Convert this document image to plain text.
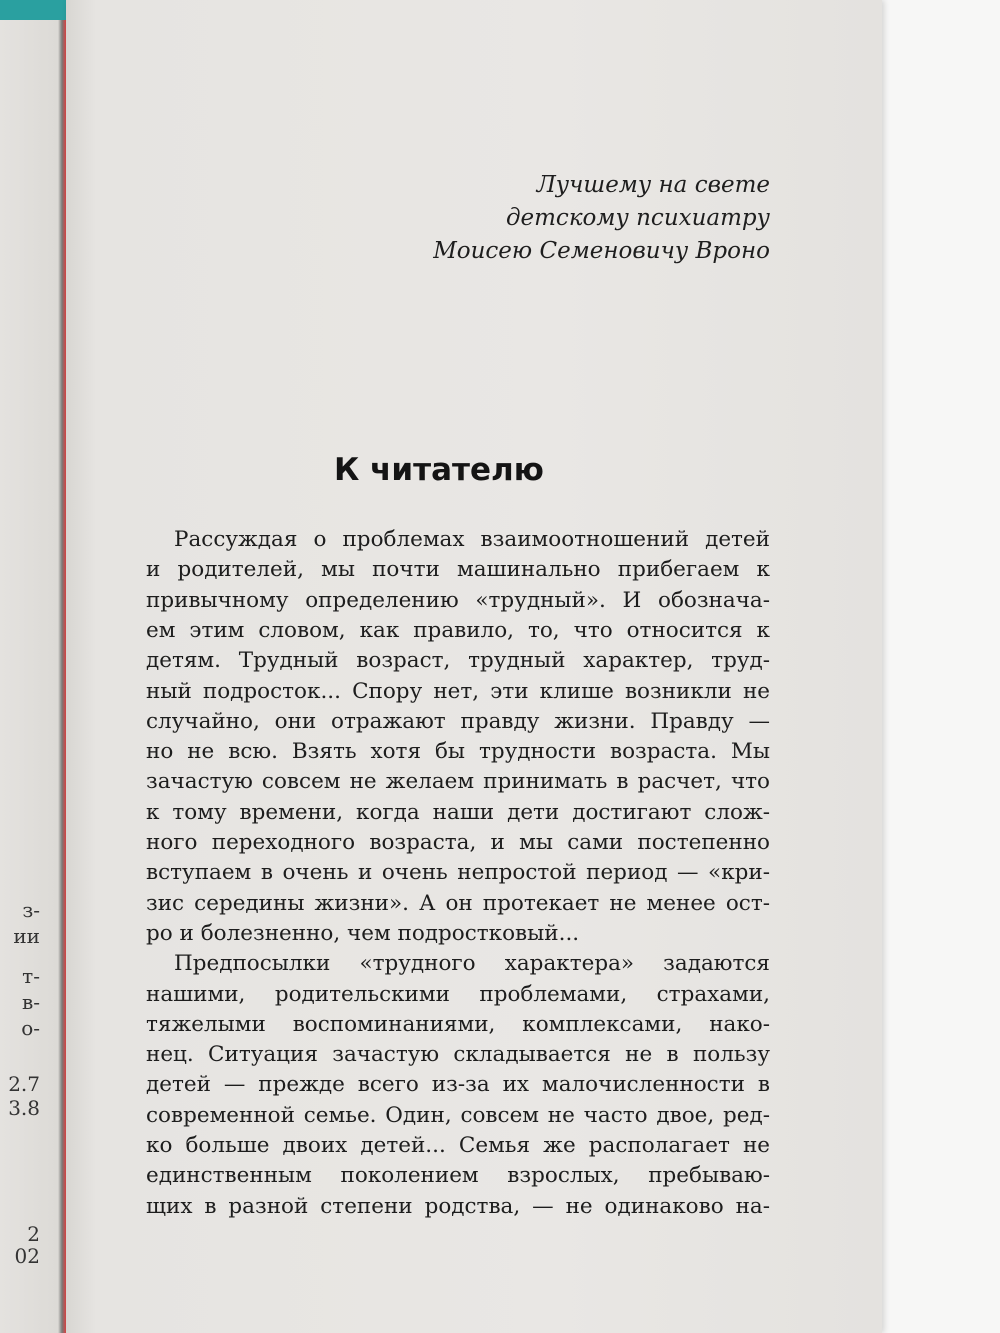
з-
ии
т-
в-
о-
2.7
3.8
2
02
Лучшему на свете
детскому психиатру
Моисею Семеновичу Вроно
К читателю
Рассуждая о проблемах взаимоотношений детей
и родителей, мы почти машинально прибегаем к
привычному определению «трудный». И обознача-
ем этим словом, как правило, то, что относится к
детям. Трудный возраст, трудный характер, труд-
ный подросток... Спору нет, эти клише возникли не
случайно, они отражают правду жизни. Правду —
но не всю. Взять хотя бы трудности возраста. Мы
зачастую совсем не желаем принимать в расчет, что
к тому времени, когда наши дети достигают слож-
ного переходного возраста, и мы сами постепенно
вступаем в очень и очень непростой период — «кри-
зис середины жизни». А он протекает не менее ост-
ро и болезненно, чем подростковый...
Предпосылки «трудного характера» задаются
нашими, родительскими проблемами, страхами,
тяжелыми воспоминаниями, комплексами, нако-
нец. Ситуация зачастую складывается не в пользу
детей — прежде всего из-за их малочисленности в
современной семье. Один, совсем не часто двое, ред-
ко больше двоих детей... Семья же располагает не
единственным поколением взрослых, пребываю-
щих в разной степени родства, — не одинаково на-
